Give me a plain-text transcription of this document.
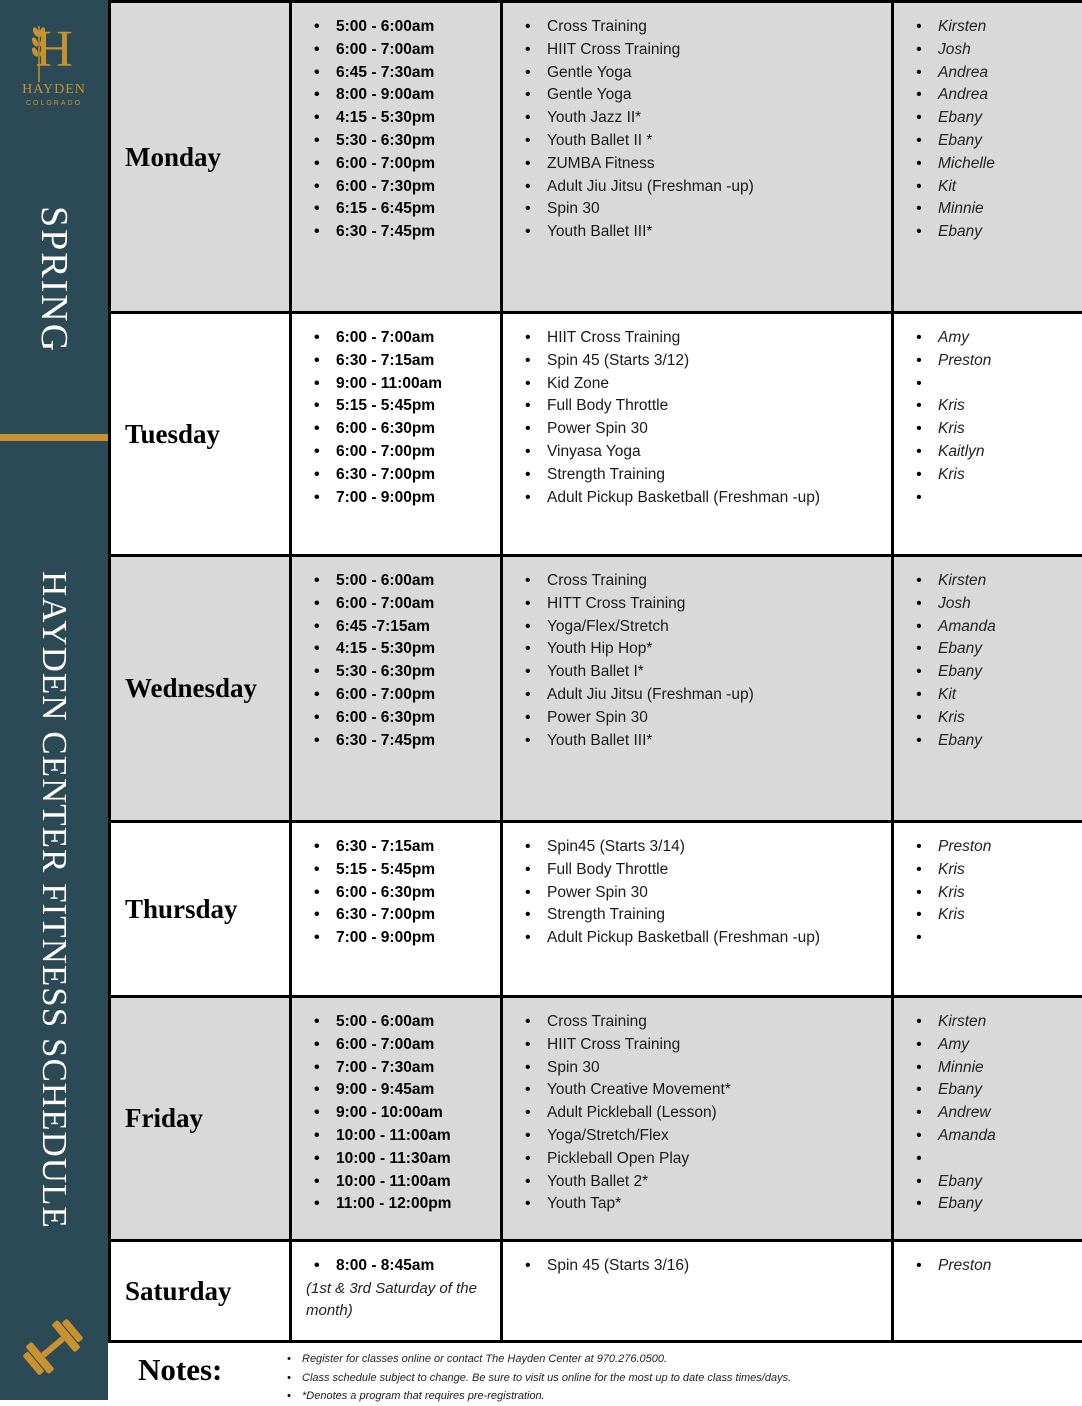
H
HAYDEN
COLORADO
SPRING
HAYDEN CENTER FITNESS SCHEDULE
Monday	
• 5:00 - 6:00am
• 6:00 - 7:00am
• 6:45 - 7:30am
• 8:00 - 9:00am
• 4:15 - 5:30pm
• 5:30 - 6:30pm
• 6:00 - 7:00pm
• 6:00 - 7:30pm
• 6:15 - 6:45pm
• 6:30 - 7:45pm

• Cross Training
• HIIT Cross Training
• Gentle Yoga
• Gentle Yoga
• Youth Jazz II*
• Youth Ballet II *
• ZUMBA Fitness
• Adult Jiu Jitsu (Freshman -up)
• Spin 30
• Youth Ballet III*

• Kirsten
• Josh
• Andrea
• Andrea
• Ebany
• Ebany
• Michelle
• Kit
• Minnie
• Ebany

Tuesday	
• 6:00 - 7:00am
• 6:30 - 7:15am
• 9:00 - 11:00am
• 5:15 - 5:45pm
• 6:00 - 6:30pm
• 6:00 - 7:00pm
• 6:30 - 7:00pm
• 7:00 - 9:00pm

• HIIT Cross Training
• Spin 45 (Starts 3/12)
• Kid Zone
• Full Body Throttle
• Power Spin 30
• Vinyasa Yoga
• Strength Training
• Adult Pickup Basketball (Freshman -up)

• Amy
• Preston
•
• Kris
• Kris
• Kaitlyn
• Kris
•

Wednesday	
• 5:00 - 6:00am
• 6:00 - 7:00am
• 6:45 -7:15am
• 4:15 - 5:30pm
• 5:30 - 6:30pm
• 6:00 - 7:00pm
• 6:00 - 6:30pm
• 6:30 - 7:45pm

• Cross Training
• HITT Cross Training
• Yoga/Flex/Stretch
• Youth Hip Hop*
• Youth Ballet I*
• Adult Jiu Jitsu (Freshman -up)
• Power Spin 30
• Youth Ballet III*

• Kirsten
• Josh
• Amanda
• Ebany
• Ebany
• Kit
• Kris
• Ebany

Thursday	
• 6:30 - 7:15am
• 5:15 - 5:45pm
• 6:00 - 6:30pm
• 6:30 - 7:00pm
• 7:00 - 9:00pm

• Spin45 (Starts 3/14)
• Full Body Throttle
• Power Spin 30
• Strength Training
• Adult Pickup Basketball (Freshman -up)

• Preston
• Kris
• Kris
• Kris
•

Friday	
• 5:00 - 6:00am
• 6:00 - 7:00am
• 7:00 - 7:30am
• 9:00 - 9:45am
• 9:00 - 10:00am
• 10:00 - 11:00am
• 10:00 - 11:30am
• 10:00 - 11:00am
• 11:00 - 12:00pm

• Cross Training
• HIIT Cross Training
• Spin 30
• Youth Creative Movement*
• Adult Pickleball (Lesson)
• Yoga/Stretch/Flex
• Pickleball Open Play
• Youth Ballet 2*
• Youth Tap*

• Kirsten
• Amy
• Minnie
• Ebany
• Andrew
• Amanda
•
• Ebany
• Ebany

Saturday	
• 8:00 - 8:45am
(1st & 3rd Saturday of the month)

• Spin 45 (Starts 3/16)

•Preston
Notes:
•	Register for classes online or contact The Hayden Center at 970.276.0500.
• Class schedule subject to change. Be sure to visit us online for the most up to date class times/days.
• *Denotes a program that requires pre-registration.
